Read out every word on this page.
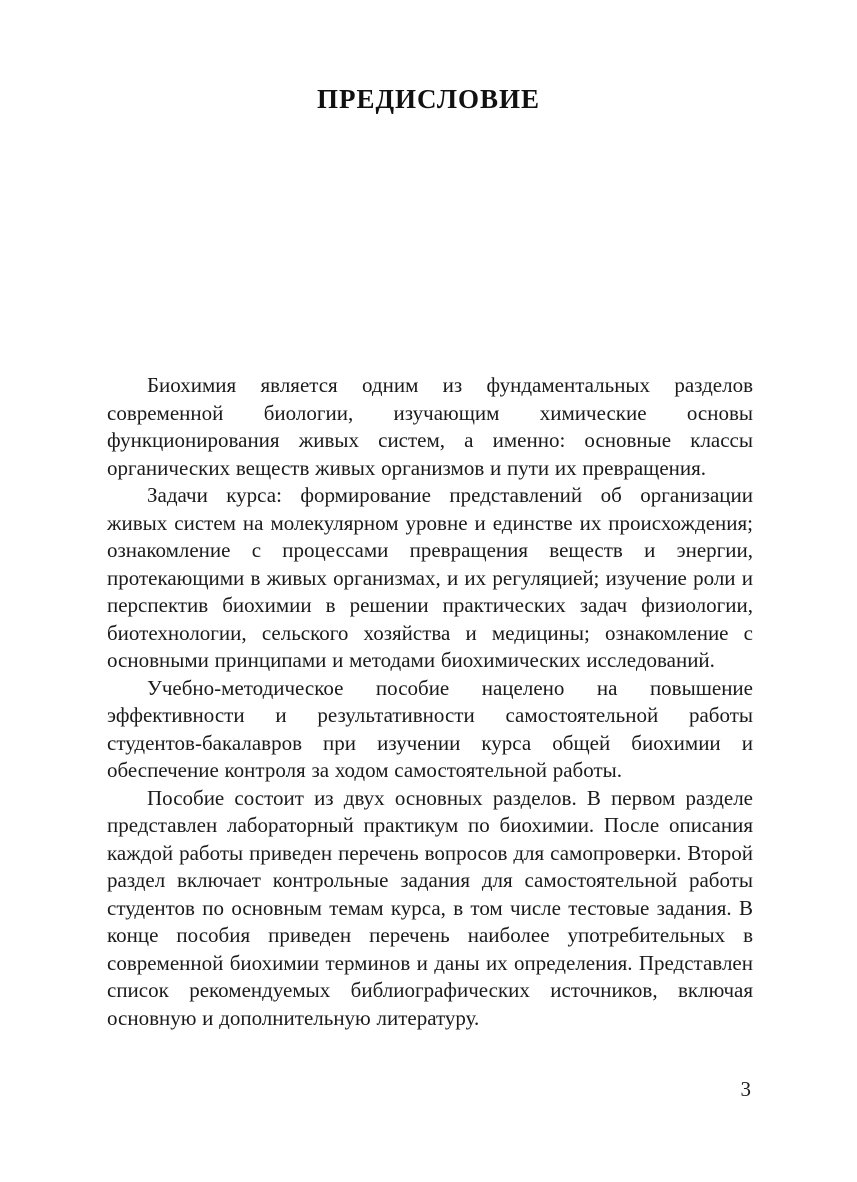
ПРЕДИСЛОВИЕ

Биохимия является одним из фундаментальных разделов современной биологии, изучающим химические основы функционирования живых систем, а именно: основные классы органических веществ живых организмов и пути их превращения.

Задачи курса: формирование представлений об организации живых систем на молекулярном уровне и единстве их происхождения; ознакомление с процессами превращения веществ и энергии, протекающими в живых организмах, и их регуляцией; изучение роли и перспектив биохимии в решении практических задач физиологии, биотехнологии, сельского хозяйства и медицины; ознакомление с основными принципами и методами биохимических исследований.

Учебно-методическое пособие нацелено на повышение эффективности и результативности самостоятельной работы студентов-бакалавров при изучении курса общей биохимии и обеспечение контроля за ходом самостоятельной работы.

Пособие состоит из двух основных разделов. В первом разделе представлен лабораторный практикум по биохимии. После описания каждой работы приведен перечень вопросов для самопроверки. Второй раздел включает контрольные задания для самостоятельной работы студентов по основным темам курса, в том числе тестовые задания. В конце пособия приведен перечень наиболее употребительных в современной биохимии терминов и даны их определения. Представлен список рекомендуемых библиографических источников, включая основную и дополнительную литературу.

3
